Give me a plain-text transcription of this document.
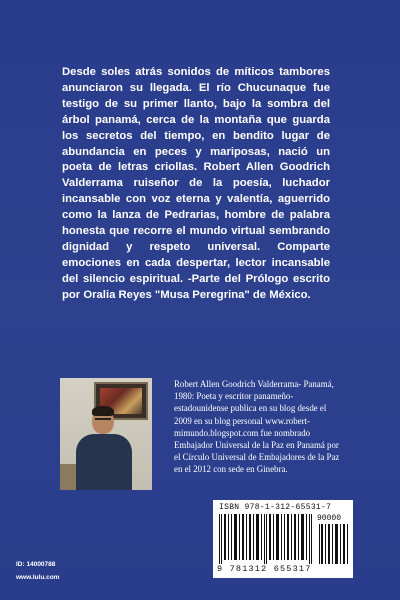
Desde soles atrás sonidos de míticos tambores anunciaron su llegada. El río Chucunaque fue testigo de su primer llanto, bajo la sombra del árbol panamá, cerca de la montaña que guarda los secretos del tiempo, en bendito lugar de abundancia en peces y mariposas, nació un poeta de letras criollas. Robert Allen Goodrich Valderrama ruiseñor de la poesía, luchador incansable con voz eterna y valentía, aguerrido como la lanza de Pedrarias, hombre de palabra honesta que recorre el mundo virtual sembrando dignidad y respeto universal. Comparte emociones en cada despertar, lector incansable del silencio espiritual. -Parte del Prólogo escrito por Oralia Reyes "Musa Peregrina" de México.

Robert Allen Goodrich Valderrama- Panamá, 1980: Poeta y escritor panameño-estadounidense publica en su blog desde el 2009 en su blog personal www.robert-mimundo.blogspot.com fue nombrado Embajador Universal de la Paz en Panamá por el Círculo Universal de Embajadores de la Paz en el 2012 con sede en Ginebra.

ISBN 978-1-312-65531-7
90000
9 781312 655317
ID: 14000788
www.lulu.com
